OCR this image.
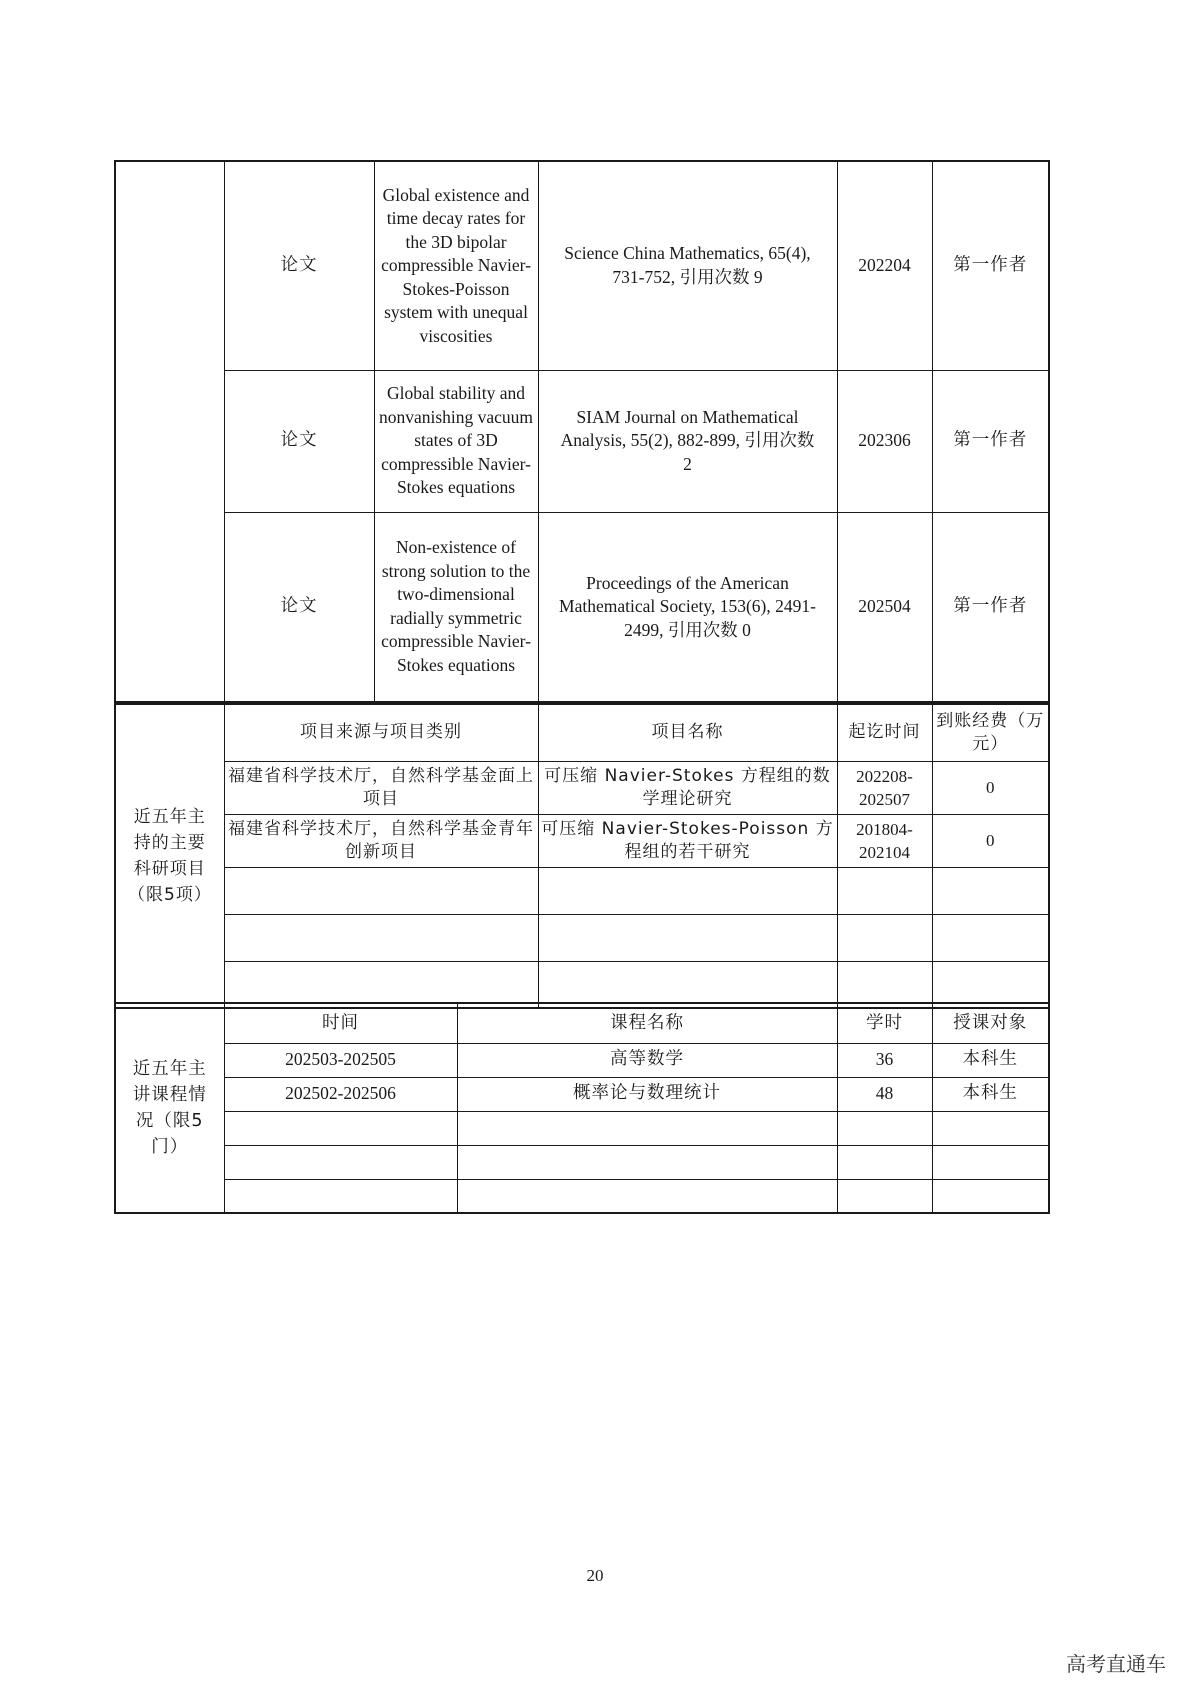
	论文	Global existence and time decay rates for the 3D bipolar compressible Navier-Stokes-Poisson system with unequal viscosities	Science China Mathematics, 65(4), 731-752, 引用次数 9	202204	第一作者
	论文	Global stability and nonvanishing vacuum states of 3D compressible Navier-Stokes equations	SIAM Journal on Mathematical Analysis, 55(2), 882-899, 引用次数 2	202306	第一作者
	论文	Non-existence of strong solution to the two-dimensional radially symmetric compressible Navier-Stokes equations	Proceedings of the American Mathematical Society, 153(6), 2491-2499, 引用次数 0	202504	第一作者
近五年主持的主要科研项目（限5项）	项目来源与项目类别	项目名称	起讫时间	到账经费（万元）
	福建省科学技术厅，自然科学基金面上项目	可压缩 Navier-Stokes 方程组的数学理论研究	202208-202507	0
	福建省科学技术厅，自然科学基金青年创新项目	可压缩 Navier-Stokes-Poisson 方程组的若干研究	201804-202104	0

近五年主讲课程情况（限5门）	时间	课程名称	学时	授课对象
	202503-202505	高等数学	36	本科生
	202502-202506	概率论与数理统计	48	本科生

20
高考直通车
